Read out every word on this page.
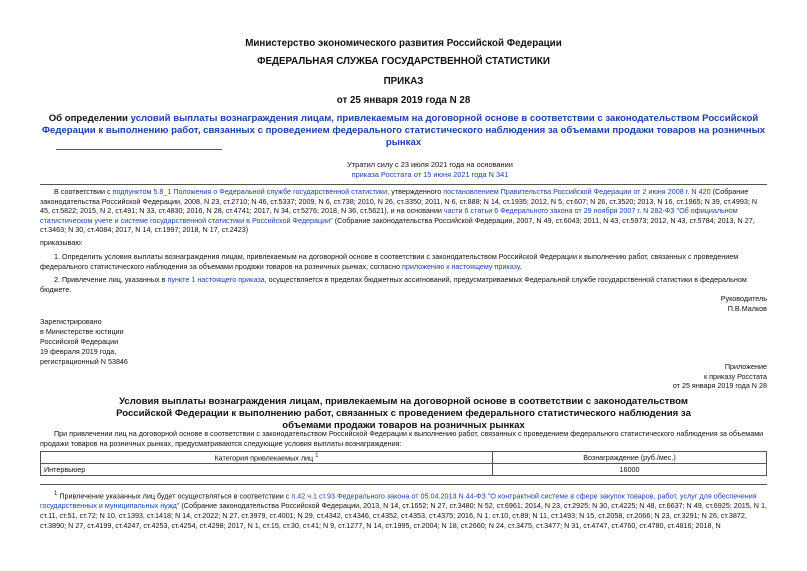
Министерство экономического развития Российской Федерации
ФЕДЕРАЛЬНАЯ СЛУЖБА ГОСУДАРСТВЕННОЙ СТАТИСТИКИ
ПРИКАЗ
от 25 января 2019 года N 28
Об определении условий выплаты вознаграждения лицам, привлекаемым на договорной основе в соответствии с законодательством Российской Федерации к выполнению работ, связанных с проведением федерального статистического наблюдения за объемами продажи товаров на розничных рынках
Утратил силу с 23 июля 2021 года на основании
приказа Росстата от 15 июня 2021 года N 341
В соответствии с подпунктом 5.8_1 Положения о Федеральной службе государственной статистики, утвержденного постановлением Правительства Российской Федерации от 2 июня 2008 г. N 420 (Собрание законодательства Российской Федерации, 2008, N 23, ст.2710; N 46, ст.5337; 2009, N 6, ст.738; 2010, N 26, ст.3350; 2011, N 6, ст.888; N 14, ст.1935; 2012, N 5, ст.607; N 26, ст.3520; 2013, N 16, ст.1965; N 39, ст.4993; N 45, ст.5822; 2015, N 2, ст.491; N 33, ст.4830; 2016, N 28, ст.4741; 2017, N 34, ст.5276; 2018, N 36, ст.5621), и на основании части 6 статьи 6 Федерального закона от 29 ноября 2007 г. N 282-ФЗ "Об официальном статистическом учете и системе государственной статистики в Российской Федерации" (Собрание законодательства Российской Федерации, 2007, N 49, ст.6043; 2011, N 43, ст.5973; 2012, N 43, ст.5784; 2013, N 27, ст.3463; N 30, ст.4084; 2017, N 14, ст.1997; 2018, N 17, ст.2423)
приказываю:
1. Определить условия выплаты вознаграждения лицам, привлекаемым на договорной основе в соответствии с законодательством Российской Федерации к выполнению работ, связанных с проведением федерального статистического наблюдения за объемами продажи товаров на розничных рынках, согласно приложению к настоящему приказу.
2. Привлечение лиц, указанных в пункте 1 настоящего приказа, осуществляется в пределах бюджетных ассигнований, предусматриваемых Федеральной службе государственной статистики в федеральном бюджете.
Руководитель
П.В.Малков
Зарегистрировано
в Министерстве юстиции
Российской Федерации
19 февраля 2019 года,
регистрационный N 53846
Приложение
к приказу Росстата
от 25 января 2019 года N 28
Условия выплаты вознаграждения лицам, привлекаемым на договорной основе в соответствии с законодательством Российской Федерации к выполнению работ, связанных с проведением федерального статистического наблюдения за объемами продажи товаров на розничных рынках
При привлечении лиц на договорной основе в соответствии с законодательством Российской Федерации к выполнению работ, связанных с проведением федерального статистического наблюдения за объемами продажи товаров на розничных рынках, предусматриваются следующие условия выплаты вознаграждения:
Категория привлекаемых лиц $^1$	Вознаграждение (руб./мес.)
Интервьюер	16000
$^1$ Привлечение указанных лиц будет осуществляться в соответствии с п.42 ч.1 ст.93 Федерального закона от 05.04.2013 N 44-ФЗ "О контрактной системе в сфере закупок товаров, работ, услуг для обеспечения государственных и муниципальных нужд" (Собрание законодательства Российской Федерации, 2013, N 14, ст.1652; N 27, ст.3480; N 52, ст.6961; 2014, N 23, ст.2925; N 30, ст.4225; N 48, ст.6637; N 49, ст.6925; 2015, N 1, ст.11, ст.51, ст.72; N 10, ст.1393, ст.1418; N 14, ст.2022; N 27, ст.3979, ст.4001; N 29, ст.4342, ст.4346, ст.4352, ст.4353, ст.4375; 2016, N 1, ст.10, ст.89; N 11, ст.1493; N 15, ст.2058, ст.2066; N 23, ст.3291; N 26, ст.3872, ст.3890; N 27, ст.4199, ст.4247, ст.4253, ст.4254, ст.4298; 2017, N 1, ст.15, ст.30, ст.41; N 9, ст.1277, N 14, ст.1995, ст.2004; N 18, ст.2660; N 24, ст.3475, ст.3477; N 31, ст.4747, ст.4760, ст.4780, ст.4816; 2018, N
